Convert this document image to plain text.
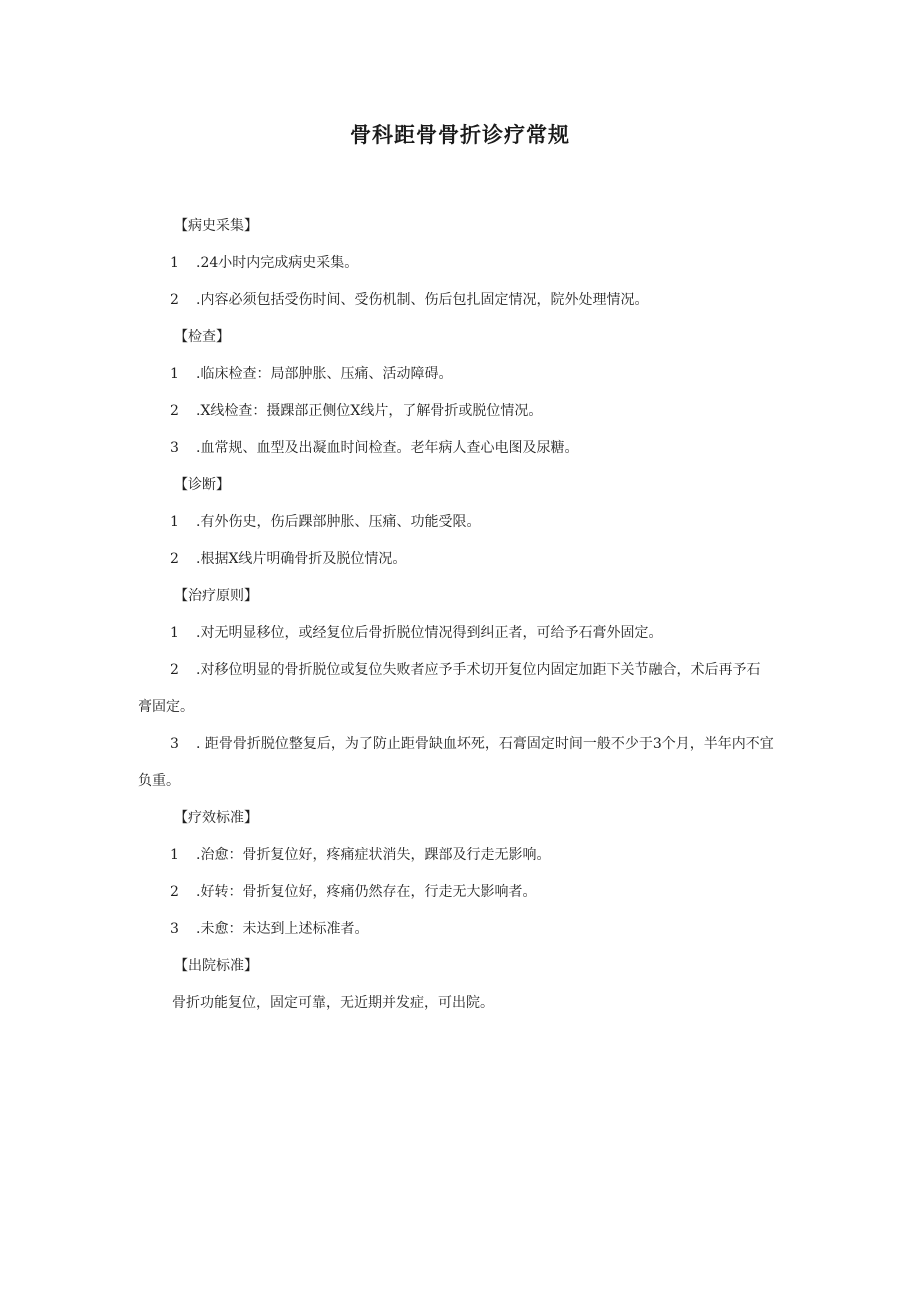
骨科距骨骨折诊疗常规
【病史采集】
1 .24小时内完成病史采集。
2 .内容必须包括受伤时间、受伤机制、伤后包扎固定情况，院外处理情况。
【检查】
1 .临床检查：局部肿胀、压痛、活动障碍。
2 .X线检查：摄踝部正侧位X线片，了解骨折或脱位情况。
3 .血常规、血型及出凝血时间检查。老年病人查心电图及尿糖。
【诊断】
1 .有外伤史，伤后踝部肿胀、压痛、功能受限。
2 .根据X线片明确骨折及脱位情况。
【治疗原则】
1 .对无明显移位，或经复位后骨折脱位情况得到纠正者，可给予石膏外固定。
2 .对移位明显的骨折脱位或复位失败者应予手术切开复位内固定加距下关节融合，术后再予石膏固定。
3 . 距骨骨折脱位整复后，为了防止距骨缺血坏死，石膏固定时间一般不少于3个月，半年内不宜负重。
【疗效标准】
1 .治愈：骨折复位好，疼痛症状消失，踝部及行走无影响。
2 .好转：骨折复位好，疼痛仍然存在，行走无大影响者。
3 .未愈：未达到上述标准者。
【出院标准】
骨折功能复位，固定可靠，无近期并发症，可出院。
